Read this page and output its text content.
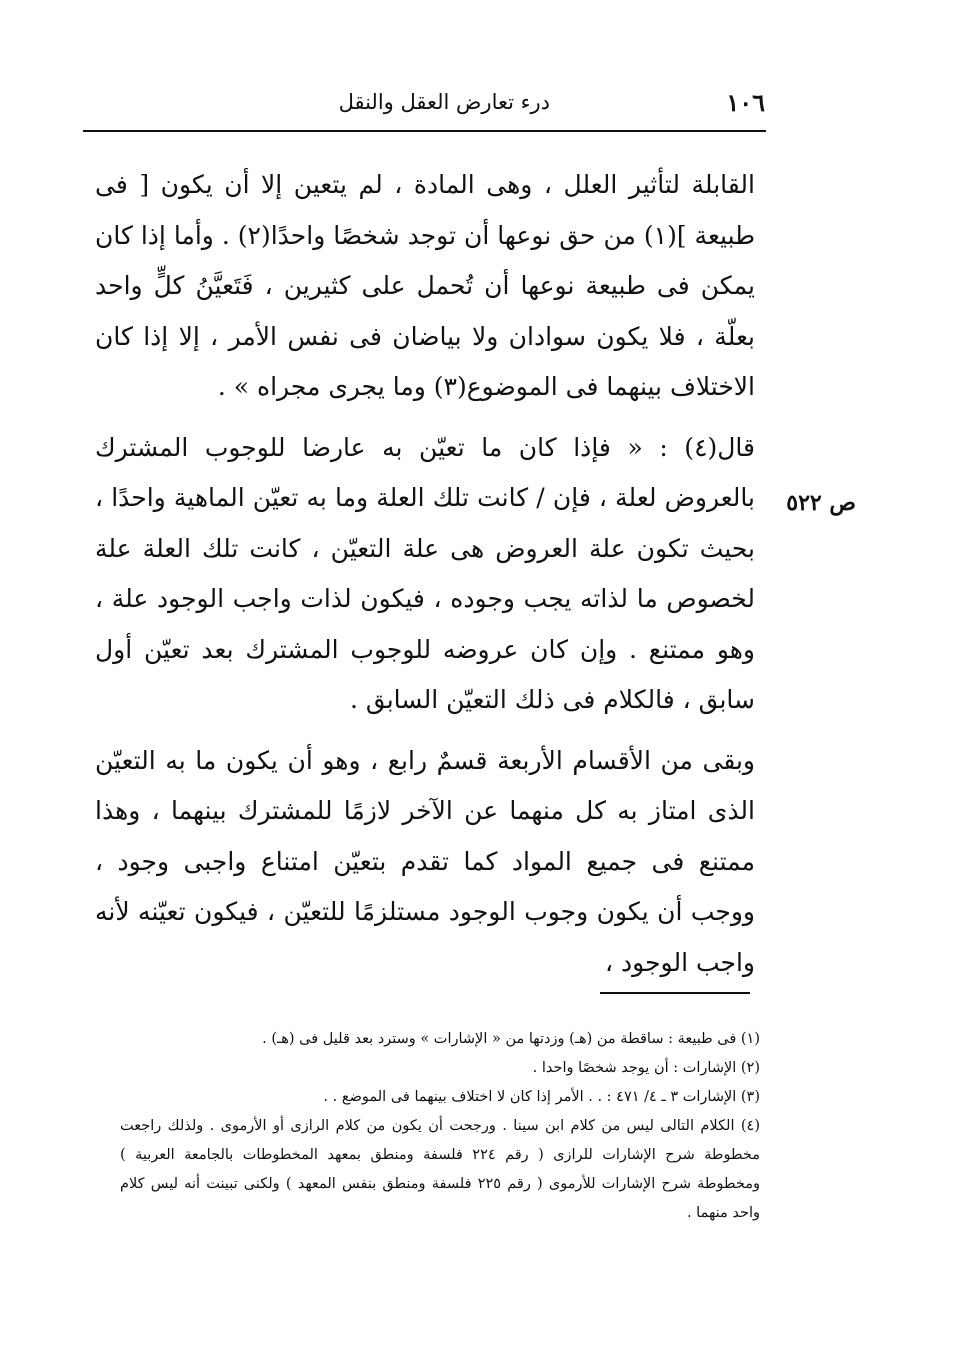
١٠٦
درء تعارض العقل والنقل
ص ٥٢٢

القابلة لتأثير العلل ، وهى المادة ، لم يتعين إلا أن يكون [ فى طبيعة ](١) من حق نوعها أن توجد شخصًا واحدًا(٢) . وأما إذا كان يمكن فى طبيعة نوعها أن تُحمل على كثيرين ، فَتَعيَّنُ كلٍّ واحد بعلّة ، فلا يكون سوادان ولا بياضان فى نفس الأمر ، إلا إذا كان الاختلاف بينهما فى الموضوع(٣) وما يجرى مجراه » .

قال(٤) : « فإذا كان ما تعيّن به عارضا للوجوب المشترك بالعروض لعلة ، فإن / كانت تلك العلة وما به تعيّن الماهية واحدًا ، بحيث تكون علة العروض هى علة التعيّن ، كانت تلك العلة علة لخصوص ما لذاته يجب وجوده ، فيكون لذات واجب الوجود علة ، وهو ممتنع . وإن كان عروضه للوجوب المشترك بعد تعيّن أول سابق ، فالكلام فى ذلك التعيّن السابق .

وبقى من الأقسام الأربعة قسمٌ رابع ، وهو أن يكون ما به التعيّن الذى امتاز به كل منهما عن الآخر لازمًا للمشترك بينهما ، وهذا ممتنع فى جميع المواد كما تقدم بتعيّن امتناع واجبى وجود ، ووجب أن يكون وجوب الوجود مستلزمًا للتعيّن ، فيكون تعيّنه لأنه واجب الوجود ،

(١) فى طبيعة : ساقطة من (هـ) وزدتها من « الإشارات » وسترد بعد قليل فى (هـ) .

(٢) الإشارات : أن يوجد شخصًا واحدا .

(٣) الإشارات ٣ ـ ٤/ ٤٧١ : . . الأمر إذا كان لا اختلاف بينهما فى الموضع . .

(٤) الكلام التالى ليس من كلام ابن سينا . ورجحت أن يكون من كلام الرازى أو الأرموى . ولذلك راجعت مخطوطة شرح الإشارات للرازى ( رقم ٢٢٤ فلسفة ومنطق بمعهد المخطوطات بالجامعة العربية ) ومخطوطة شرح الإشارات للأرموى ( رقم ٢٢٥ فلسفة ومنطق بنفس المعهد ) ولكنى تبينت أنه ليس كلام واحد منهما .
